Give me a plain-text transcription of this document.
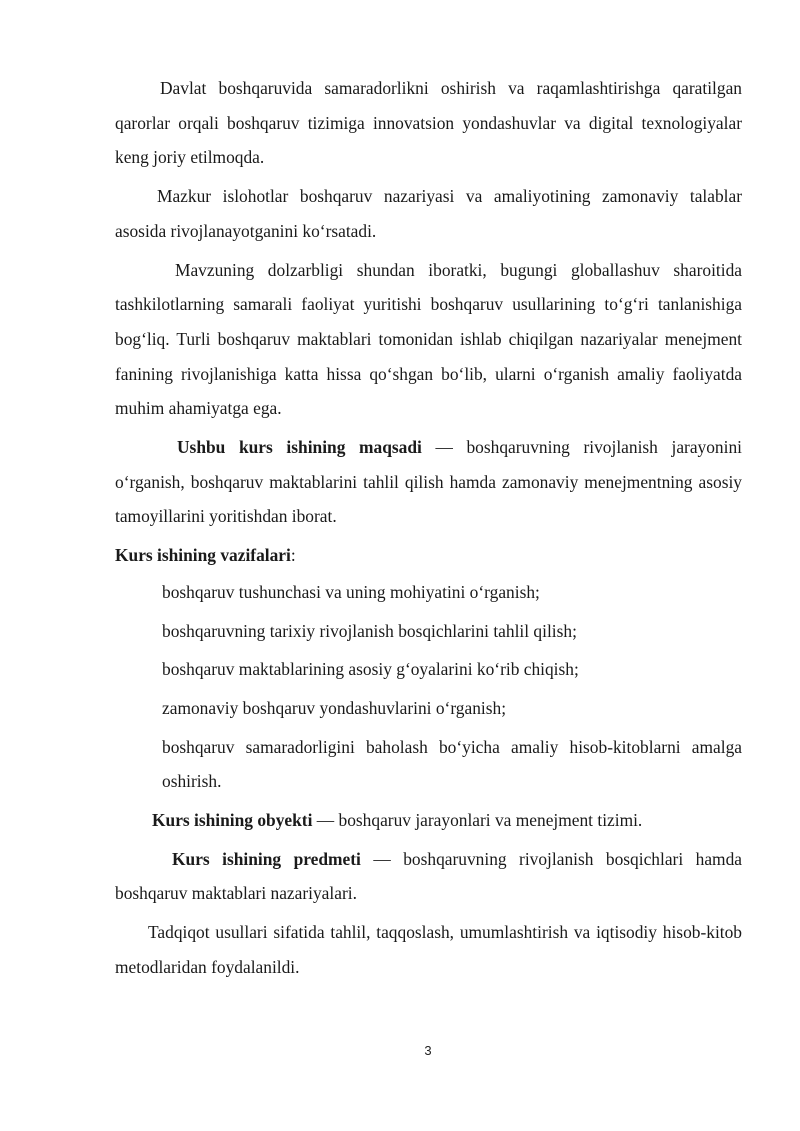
Davlat boshqaruvida samaradorlikni oshirish va raqamlashtirishga qaratilgan qarorlar orqali boshqaruv tizimiga innovatsion yondashuvlar va digital texnologiyalar keng joriy etilmoqda.

Mazkur islohotlar boshqaruv nazariyasi va amaliyotining zamonaviy talablar asosida rivojlanayotganini ko‘rsatadi.

Mavzuning dolzarbligi shundan iboratki, bugungi globallashuv sharoitida tashkilotlarning samarali faoliyat yuritishi boshqaruv usullarining to‘g‘ri tanlanishiga bog‘liq. Turli boshqaruv maktablari tomonidan ishlab chiqilgan nazariyalar menejment fanining rivojlanishiga katta hissa qo‘shgan bo‘lib, ularni o‘rganish amaliy faoliyatda muhim ahamiyatga ega.

Ushbu kurs ishining maqsadi — boshqaruvning rivojlanish jarayonini o‘rganish, boshqaruv maktablarini tahlil qilish hamda zamonaviy menejmentning asosiy tamoyillarini yoritishdan iborat.

Kurs ishining vazifalari:

boshqaruv tushunchasi va uning mohiyatini o‘rganish;
boshqaruvning tarixiy rivojlanish bosqichlarini tahlil qilish;
boshqaruv maktablarining asosiy g‘oyalarini ko‘rib chiqish;
zamonaviy boshqaruv yondashuvlarini o‘rganish;
boshqaruv samaradorligini baholash bo‘yicha amaliy hisob-kitoblarni amalga oshirish.

Kurs ishining obyekti — boshqaruv jarayonlari va menejment tizimi.

Kurs ishining predmeti — boshqaruvning rivojlanish bosqichlari hamda boshqaruv maktablari nazariyalari.

Tadqiqot usullari sifatida tahlil, taqqoslash, umumlashtirish va iqtisodiy hisob-kitob metodlaridan foydalanildi.

3
